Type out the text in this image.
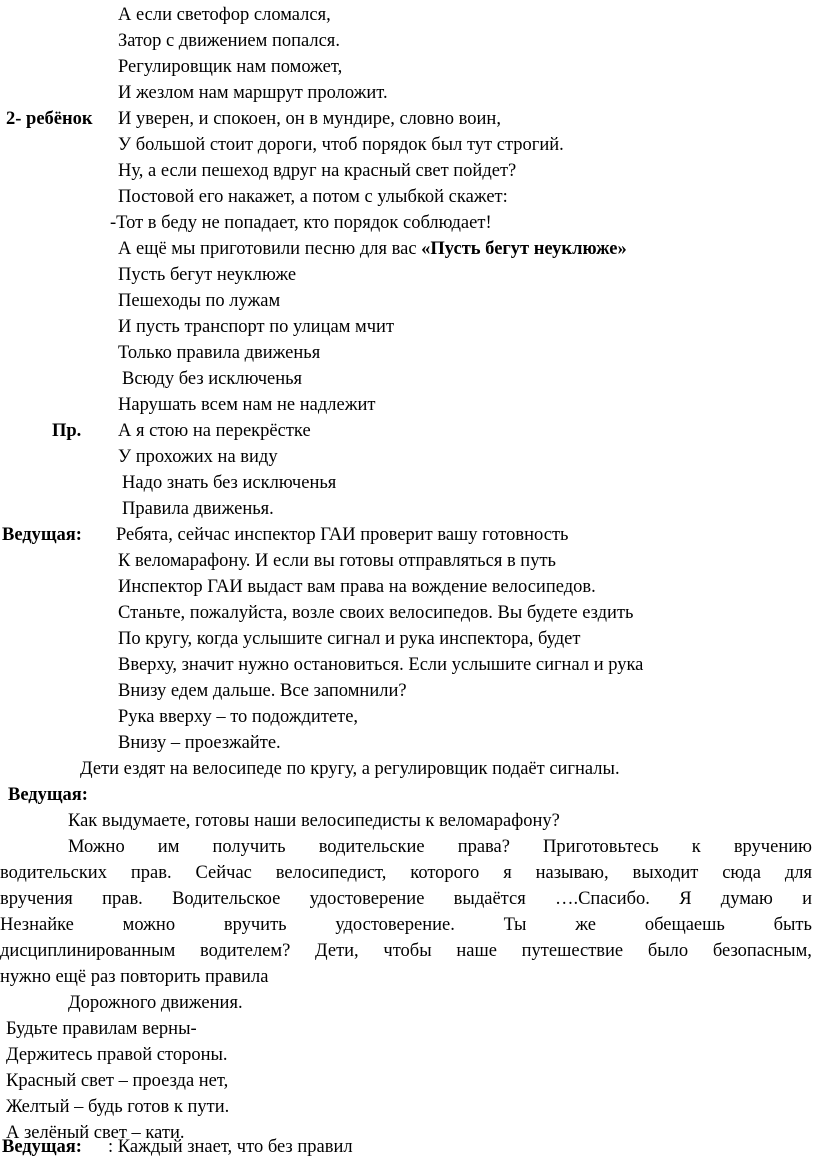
А если светофор сломался,
Затор с движением попался.
Регулировщик нам поможет,
И жезлом нам маршрут проложит.
2- ребёнок И уверен, и спокоен, он в мундире, словно воин,
У большой стоит дороги, чтоб порядок был тут строгий.
Ну, а если пешеход вдруг на красный свет пойдет?
Постовой его накажет, а потом с улыбкой скажет:
-Тот в беду не попадает, кто порядок соблюдает!
А ещё мы приготовили песню для вас «Пусть бегут неуклюже»
Пусть бегут неуклюже
Пешеходы по лужам
И пусть транспорт по улицам мчит
Только правила движенья
Всюду без исключенья
Нарушать всем нам не надлежит
Пр. А я стою на перекрёстке
У прохожих на виду
Надо знать без исключенья
Правила движенья.
Ведущая: Ребята, сейчас инспектор ГАИ проверит вашу готовность
К веломарафону. И если вы готовы отправляться в путь
Инспектор ГАИ выдаст вам права на вождение велосипедов.
Станьте, пожалуйста, возле своих велосипедов. Вы будете ездить
По кругу, когда услышите сигнал и рука инспектора, будет
Вверху, значит нужно остановиться. Если услышите сигнал и рука
Внизу едем дальше. Все запомнили?
Рука вверху – то подождитете,
Внизу – проезжайте.
Дети ездят на велосипеде по кругу, а регулировщик подаёт сигналы.
Ведущая:
Как выдумаете, готовы наши велосипедисты к веломарафону?
Можно им получить водительские права? Приготовьтесь к вручению
водительских прав. Сейчас велосипедист, которого я называю, выходит сюда для
вручения прав. Водительское удостоверение выдаётся ….Спасибо. Я думаю и
Незнайке	можно	вручить	удостоверение.	Ты	же	обещаешь	быть
дисциплинированным водителем? Дети, чтобы наше путешествие было безопасным,
нужно ещё раз повторить правила
Дорожного движения.
Будьте правилам верны-
Держитесь правой стороны.
Красный свет – проезда нет,
Желтый – будь готов к пути.
А зелёный свет – кати.
Ведущая: : Каждый знает, что без правил
